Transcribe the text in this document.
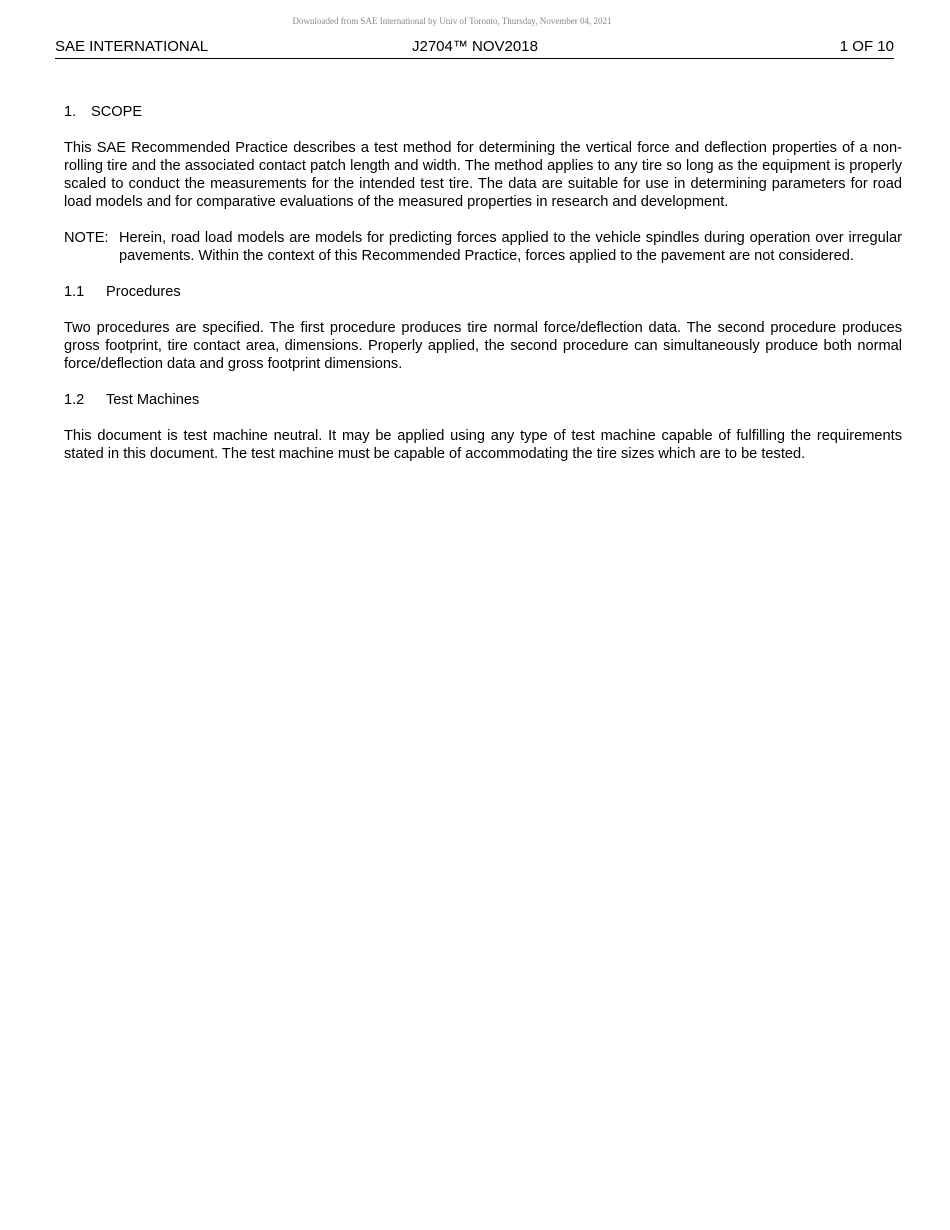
Downloaded from SAE International by Univ of Toronto, Thursday, November 04, 2021
SAE INTERNATIONAL	J2704™ NOV2018	1 OF 10
1. SCOPE

This SAE Recommended Practice describes a test method for determining the vertical force and deflection properties of a non-rolling tire and the associated contact patch length and width. The method applies to any tire so long as the equipment is properly scaled to conduct the measurements for the intended test tire. The data are suitable for use in determining parameters for road load models and for comparative evaluations of the measured properties in research and development.

NOTE: Herein, road load models are models for predicting forces applied to the vehicle spindles during operation over irregular pavements. Within the context of this Recommended Practice, forces applied to the pavement are not considered.
1.1 Procedures

Two procedures are specified. The first procedure produces tire normal force/deflection data. The second procedure produces gross footprint, tire contact area, dimensions. Properly applied, the second procedure can simultaneously produce both normal force/deflection data and gross footprint dimensions.

1.2 Test Machines

This document is test machine neutral. It may be applied using any type of test machine capable of fulfilling the requirements stated in this document. The test machine must be capable of accommodating the tire sizes which are to be tested.
